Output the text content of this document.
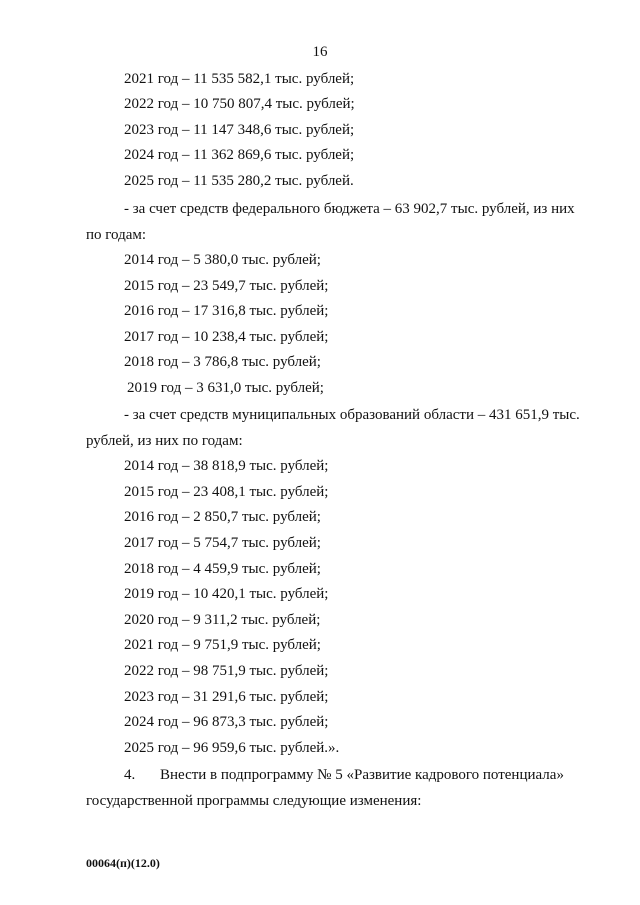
16
2021 год – 11 535 582,1 тыс. рублей;
2022 год – 10 750 807,4 тыс. рублей;
2023 год – 11 147 348,6 тыс. рублей;
2024 год – 11 362 869,6 тыс. рублей;
2025 год – 11 535 280,2 тыс. рублей.
- за счет средств федерального бюджета – 63 902,7 тыс. рублей, из них
по годам:
2014 год – 5 380,0 тыс. рублей;
2015 год – 23 549,7 тыс. рублей;
2016 год – 17 316,8 тыс. рублей;
2017 год – 10 238,4 тыс. рублей;
2018 год – 3 786,8 тыс. рублей;
2019 год – 3 631,0 тыс. рублей;
- за счет средств муниципальных образований области – 431 651,9 тыс.
рублей, из них по годам:
2014 год – 38 818,9 тыс. рублей;
2015 год – 23 408,1 тыс. рублей;
2016 год – 2 850,7 тыс. рублей;
2017 год – 5 754,7 тыс. рублей;
2018 год – 4 459,9 тыс. рублей;
2019 год – 10 420,1 тыс. рублей;
2020 год – 9 311,2 тыс. рублей;
2021 год – 9 751,9 тыс. рублей;
2022 год – 98 751,9 тыс. рублей;
2023 год – 31 291,6 тыс. рублей;
2024 год – 96 873,3 тыс. рублей;
2025 год – 96 959,6 тыс. рублей.».
4. Внести в подпрограмму № 5 «Развитие кадрового потенциала»
государственной программы следующие изменения:
00064(п)(12.0)
